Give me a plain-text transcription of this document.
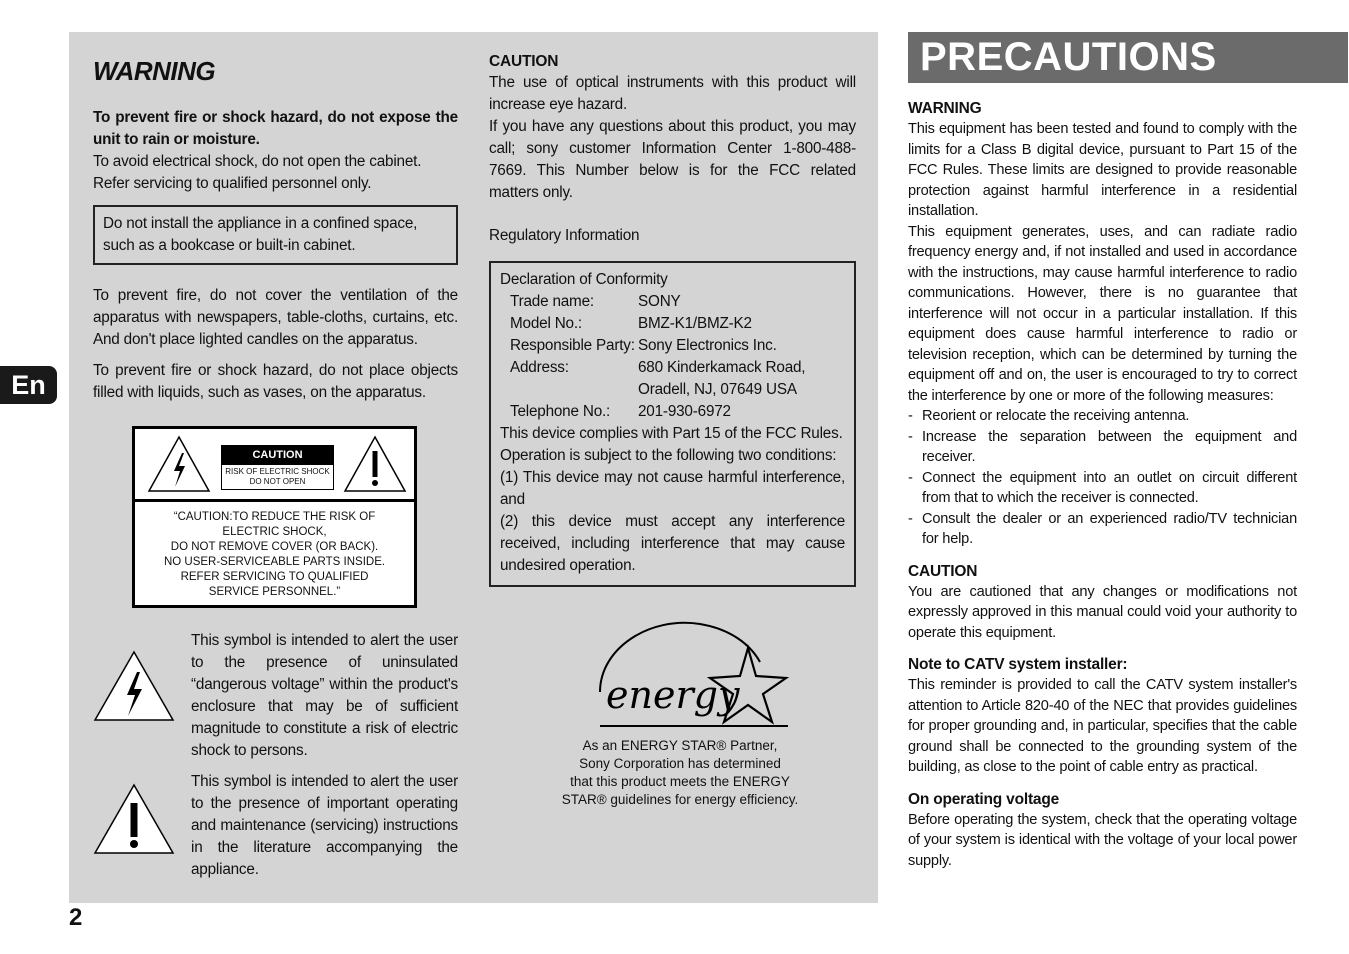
En
2
WARNING
To prevent fire or shock hazard, do not expose the unit to rain or moisture.
To avoid electrical shock, do not open the cabinet.
Refer servicing to qualified personnel only.
Do not install the appliance in a confined space, such as a bookcase or built-in cabinet.
To prevent fire, do not cover the ventilation of the apparatus with newspapers, table-cloths, curtains, etc. And don't place lighted candles on the apparatus.
To prevent fire or shock hazard, do not place objects filled with liquids, such as vases, on the apparatus.
CAUTION
RISK OF ELECTRIC SHOCK
DO NOT OPEN
“CAUTION:TO REDUCE THE RISK OF
ELECTRIC SHOCK,
DO NOT REMOVE COVER (OR BACK).
NO USER-SERVICEABLE PARTS INSIDE.
REFER SERVICING TO QUALIFIED
SERVICE PERSONNEL.”
This symbol is intended to alert the user to the presence of uninsulated “dangerous voltage” within the product's enclosure that may be of sufficient magnitude to constitute a risk of electric shock to persons.
This symbol is intended to alert the user to the presence of important operating and maintenance (servicing) instructions in the literature accompanying the appliance.
CAUTION
The use of optical instruments with this product will increase eye hazard.
If you have any questions about this product, you may call; sony customer Information Center 1-800-488-7669. This Number below is for the FCC related matters only.
Regulatory Information
Declaration of Conformity
Trade name:	SONY
Model No.:	BMZ-K1/BMZ-K2
Responsible Party: Sony Electronics Inc.
Address:	680 Kinderkamack Road, Oradell, NJ, 07649 USA
Telephone No.:	201-930-6972
This device complies with Part 15 of the FCC Rules.
Operation is subject to the following two conditions:
(1) This device may not cause harmful interference, and
(2) this device must accept any interference received, including interference that may cause undesired operation.
energy
As an ENERGY STAR® Partner,
Sony Corporation has determined
that this product meets the ENERGY
STAR® guidelines for energy efficiency.
PRECAUTIONS
WARNING
This equipment has been tested and found to comply with the limits for a Class B digital device, pursuant to Part 15 of the FCC Rules. These limits are designed to provide reasonable protection against harmful interference in a residential installation.
This equipment generates, uses, and can radiate radio frequency energy and, if not installed and used in accordance with the instructions, may cause harmful interference to radio communications. However, there is no guarantee that interference will not occur in a particular installation. If this equipment does cause harmful interference to radio or television reception, which can be determined by turning the equipment off and on, the user is encouraged to try to correct the interference by one or more of the following measures:
- Reorient or relocate the receiving antenna.
- Increase the separation between the equipment and receiver.
- Connect the equipment into an outlet on circuit different from that to which the receiver is connected.
- Consult the dealer or an experienced radio/TV technician for help.
CAUTION
You are cautioned that any changes or modifications not expressly approved in this manual could void your authority to operate this equipment.
Note to CATV system installer:
This reminder is provided to call the CATV system installer's attention to Article 820-40 of the NEC that provides guidelines for proper grounding and, in particular, specifies that the cable ground shall be connected to the grounding system of the building, as close to the point of cable entry as practical.
On operating voltage
Before operating the system, check that the operating voltage of your system is identical with the voltage of your local power supply.
